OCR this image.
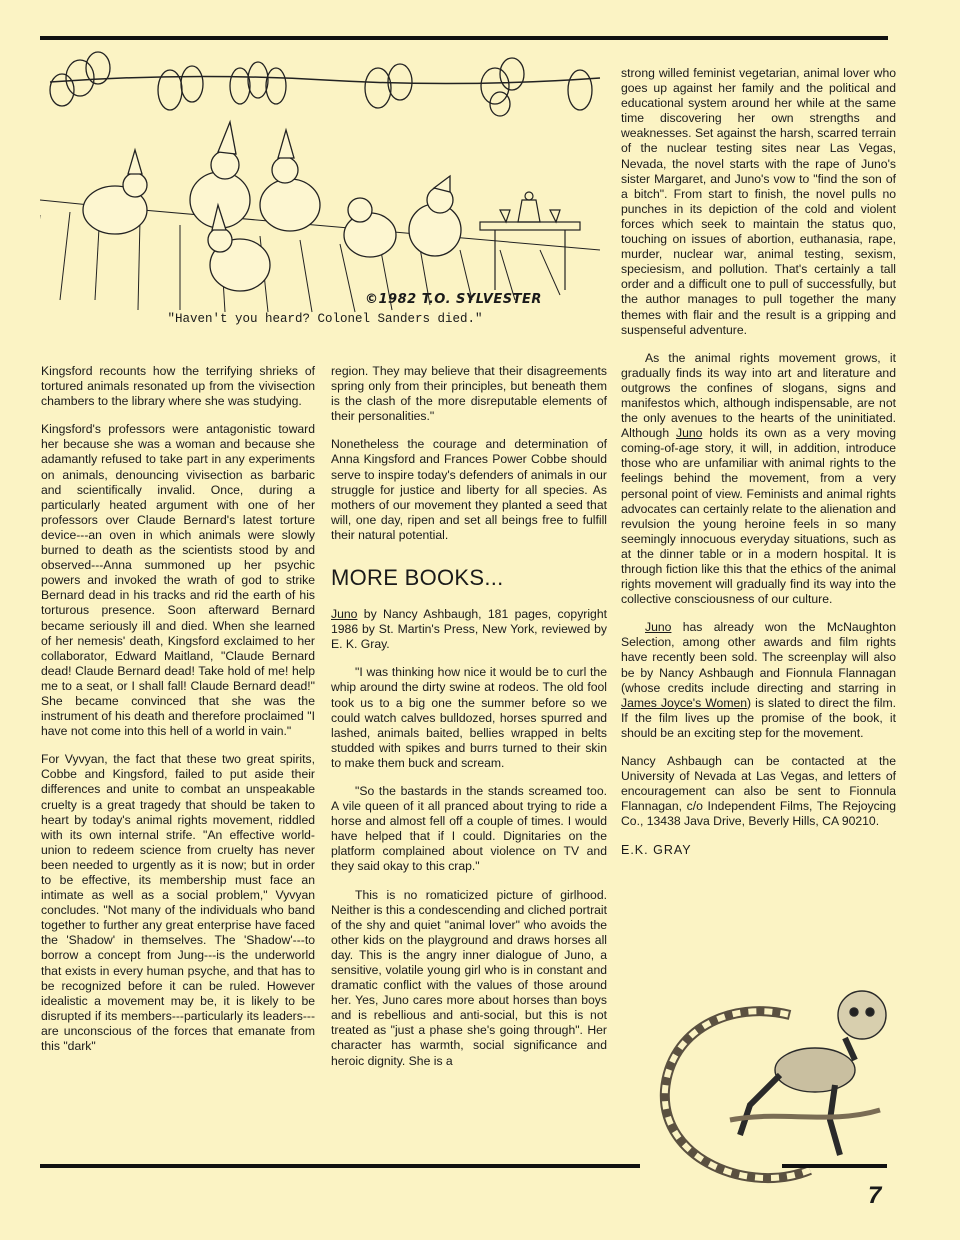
©1982 T.O. SYLVESTER
"Haven't you heard? Colonel Sanders died."

Kingsford recounts how the terrifying shrieks of tortured animals resonated up from the vivisection chambers to the library where she was studying.

Kingsford's professors were antagonistic toward her because she was a woman and because she adamantly refused to take part in any experiments on animals, denouncing vivisection as barbaric and scientifically invalid. Once, during a particularly heated argument with one of her professors over Claude Bernard's latest torture device---an oven in which animals were slowly burned to death as the scientists stood by and observed---Anna summoned up her psychic powers and invoked the wrath of god to strike Bernard dead in his tracks and rid the earth of his torturous presence. Soon afterward Bernard became seriously ill and died. When she learned of her nemesis' death, Kingsford exclaimed to her collaborator, Edward Maitland, "Claude Bernard dead! Claude Bernard dead! Take hold of me! help me to a seat, or I shall fall! Claude Bernard dead!" She became convinced that she was the instrument of his death and therefore proclaimed "I have not come into this hell of a world in vain."

For Vyvyan, the fact that these two great spirits, Cobbe and Kingsford, failed to put aside their differences and unite to combat an unspeakable cruelty is a great tragedy that should be taken to heart by today's animal rights movement, riddled with its own internal strife. "An effective world-union to redeem science from cruelty has never been needed to urgently as it is now; but in order to be effective, its membership must face an intimate as well as a social problem," Vyvyan concludes. "Not many of the individuals who band together to further any great enterprise have faced the 'Shadow' in themselves. The 'Shadow'---to borrow a concept from Jung---is the underworld that exists in every human psyche, and that has to be recognized before it can be ruled. However idealistic a movement may be, it is likely to be disrupted if its members---particularly its leaders---are unconscious of the forces that emanate from this "dark"

region. They may believe that their disagreements spring only from their principles, but beneath them is the clash of the more disreputable elements of their personalities."

Nonetheless the courage and determination of Anna Kingsford and Frances Power Cobbe should serve to inspire today's defenders of animals in our struggle for justice and liberty for all species. As mothers of our movement they planted a seed that will, one day, ripen and set all beings free to fulfill their natural potential.

MORE BOOKS...

Juno by Nancy Ashbaugh, 181 pages, copyright 1986 by St. Martin's Press, New York, reviewed by E. K. Gray.

"I was thinking how nice it would be to curl the whip around the dirty swine at rodeos. The old fool took us to a big one the summer before so we could watch calves bulldozed, horses spurred and lashed, animals baited, bellies wrapped in belts studded with spikes and burrs turned to their skin to make them buck and scream.

"So the bastards in the stands screamed too. A vile queen of it all pranced about trying to ride a horse and almost fell off a couple of times. I would have helped that if I could. Dignitaries on the platform complained about violence on TV and they said okay to this crap."

This is no romaticized picture of girlhood. Neither is this a condescending and cliched portrait of the shy and quiet "animal lover" who avoids the other kids on the playground and draws horses all day. This is the angry inner dialogue of Juno, a sensitive, volatile young girl who is in constant and dramatic conflict with the values of those around her. Yes, Juno cares more about horses than boys and is rebellious and anti-social, but this is not treated as "just a phase she's going through". Her character has warmth, social significance and heroic dignity. She is a

strong willed feminist vegetarian, animal lover who goes up against her family and the political and educational system around her while at the same time discovering her own strengths and weaknesses. Set against the harsh, scarred terrain of the nuclear testing sites near Las Vegas, Nevada, the novel starts with the rape of Juno's sister Margaret, and Juno's vow to "find the son of a bitch". From start to finish, the novel pulls no punches in its depiction of the cold and violent forces which seek to maintain the status quo, touching on issues of abortion, euthanasia, rape, murder, nuclear war, animal testing, sexism, speciesism, and pollution. That's certainly a tall order and a difficult one to pull of successfully, but the author manages to pull together the many themes with flair and the result is a gripping and suspenseful adventure.

As the animal rights movement grows, it gradually finds its way into art and literature and outgrows the confines of slogans, signs and manifestos which, although indispensable, are not the only avenues to the hearts of the uninitiated. Although Juno holds its own as a very moving coming-of-age story, it will, in addition, introduce those who are unfamiliar with animal rights to the feelings behind the movement, from a very personal point of view. Feminists and animal rights advocates can certainly relate to the alienation and revulsion the young heroine feels in so many seemingly innocuous everyday situations, such as at the dinner table or in a modern hospital. It is through fiction like this that the ethics of the animal rights movement will gradually find its way into the collective consciousness of our culture.

Juno has already won the McNaughton Selection, among other awards and film rights have recently been sold. The screenplay will also be by Nancy Ashbaugh and Fionnula Flannagan (whose credits include directing and starring in James Joyce's Women) is slated to direct the film. If the film lives up the promise of the book, it should be an exciting step for the movement.

Nancy Ashbaugh can be contacted at the University of Nevada at Las Vegas, and letters of encouragement can also be sent to Fionnula Flannagan, c/o Independent Films, The Rejoycing Co., 13438 Java Drive, Beverly Hills, CA 90210.

E.K. GRAY

7
